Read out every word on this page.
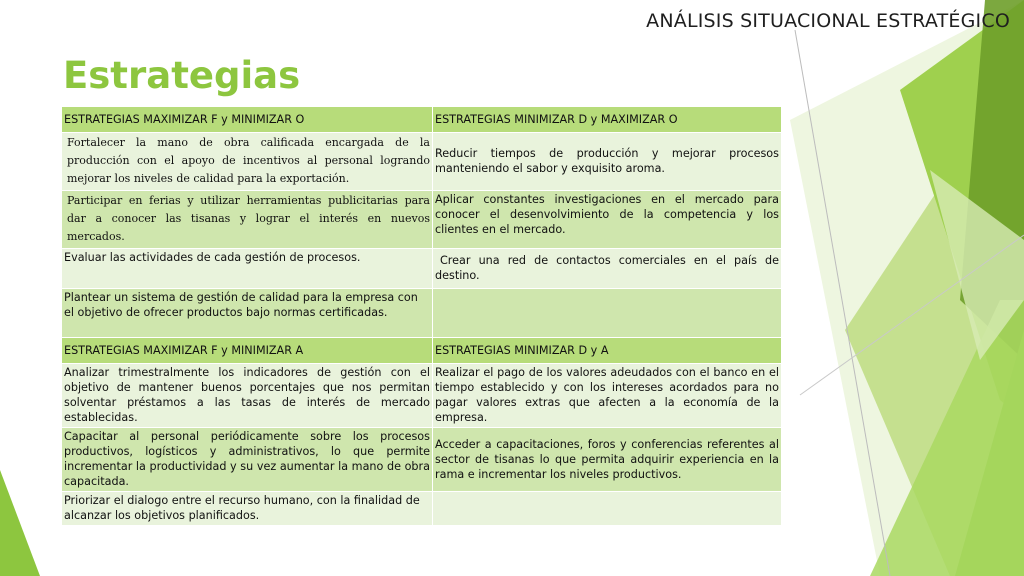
ANÁLISIS SITUACIONAL ESTRATÉGICO
Estrategias
ESTRATEGIAS MAXIMIZAR F y MINIMIZAR O	ESTRATEGIAS MINIMIZAR D y MAXIMIZAR O
Fortalecer la mano de obra calificada encargada de la producción con el apoyo de incentivos al personal logrando mejorar los niveles de calidad para la exportación.	Reducir tiempos de producción y mejorar procesos manteniendo el sabor y exquisito aroma.
Participar en ferias y utilizar herramientas publicitarias para dar a conocer las tisanas y lograr el interés en nuevos mercados.	Aplicar constantes investigaciones en el mercado para conocer el desenvolvimiento de la competencia y los clientes en el mercado.
Evaluar las actividades de cada gestión de procesos.	Crear una red de contactos comerciales en el país de destino.
Plantear un sistema de gestión de calidad para la empresa con el objetivo de ofrecer productos bajo normas certificadas.	
ESTRATEGIAS MAXIMIZAR F y MINIMIZAR A	ESTRATEGIAS MINIMIZAR D y A
Analizar trimestralmente los indicadores de gestión con el objetivo de mantener buenos porcentajes que nos permitan solventar préstamos a las tasas de interés de mercado establecidas.	Realizar el pago de los valores adeudados con el banco en el tiempo establecido y con los intereses acordados para no pagar valores extras que afecten a la economía de la empresa.
Capacitar al personal periódicamente sobre los procesos productivos, logísticos y administrativos, lo que permite incrementar la productividad y su vez aumentar la mano de obra capacitada.	Acceder a capacitaciones, foros y conferencias referentes al sector de tisanas lo que permita adquirir experiencia en la rama e incrementar los niveles productivos.
Priorizar el dialogo entre el recurso humano, con la finalidad de alcanzar los objetivos planificados.	
